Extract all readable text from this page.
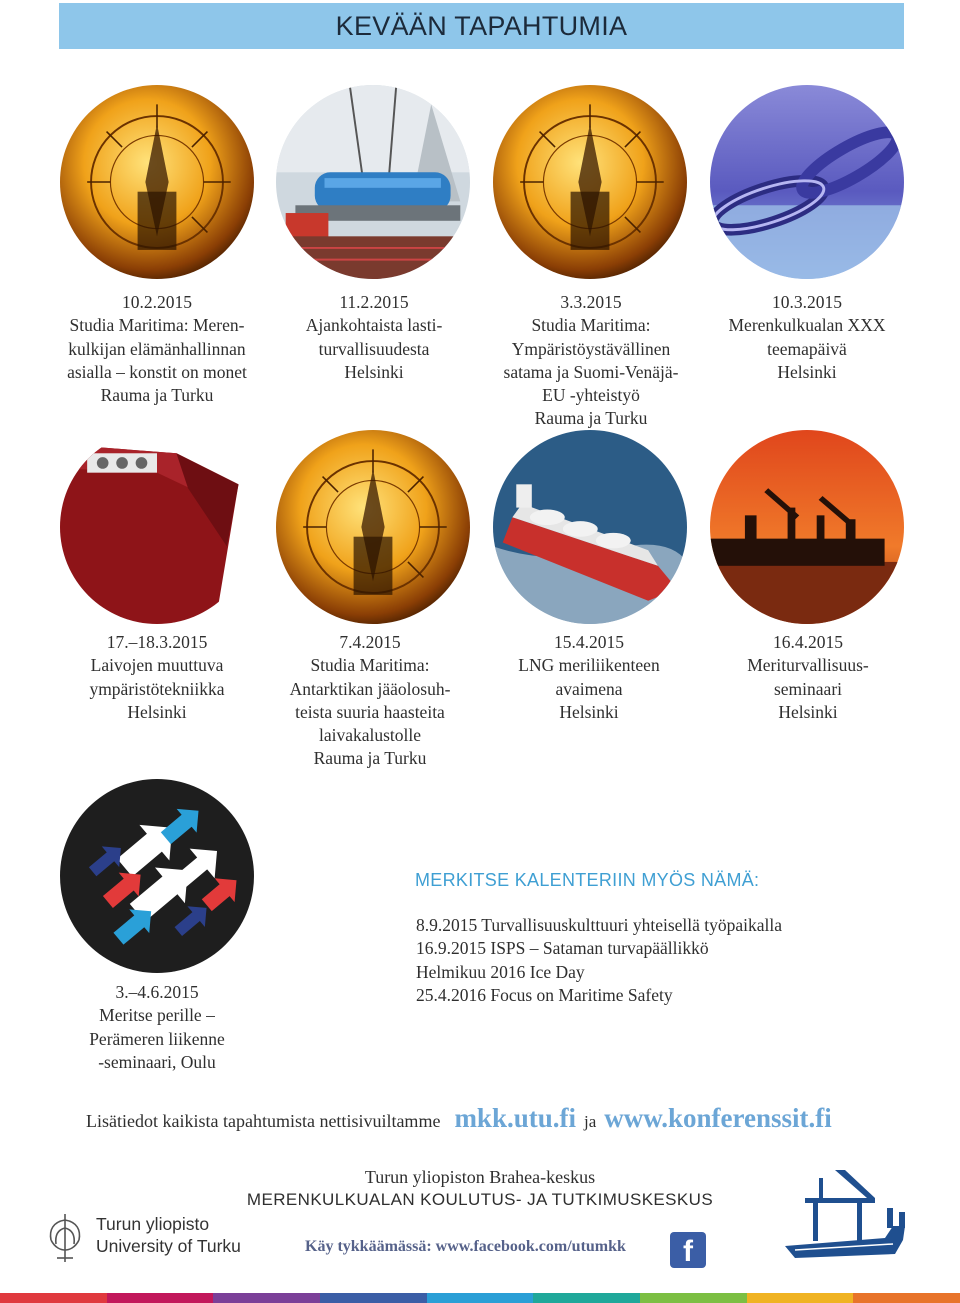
KEVÄÄN TAPAHTUMIA
10.2.2015
Studia Maritima: Meren-
kulkijan elämänhallinnan
asialla – konstit on monet
Rauma ja Turku
11.2.2015
Ajankohtaista lasti-
turvallisuudesta
Helsinki
3.3.2015
Studia Maritima:
Ympäristöystävällinen
satama ja Suomi-Venäjä-
EU -yhteistyö
Rauma ja Turku
10.3.2015
Merenkulkualan XXX
teemapäivä
Helsinki
17.–18.3.2015
Laivojen muuttuva
ympäristötekniikka
Helsinki
7.4.2015
Studia Maritima:
Antarktikan jääolosuh-
teista suuria haasteita
laivakalustolle
Rauma ja Turku
15.4.2015
LNG meriliikenteen
avaimena
Helsinki
16.4.2015
Meriturvallisuus-
seminaari
Helsinki
3.–4.6.2015
Meritse perille –
Perämeren liikenne
-seminaari, Oulu
MERKITSE KALENTERIIN MYÖS NÄMÄ:
8.9.2015 Turvallisuuskulttuuri yhteisellä työpaikalla
16.9.2015 ISPS – Sataman turvapäällikkö
Helmikuu 2016 Ice Day
25.4.2016 Focus on Maritime Safety
Lisätiedot kaikista tapahtumista nettisivuiltamme mkk.utu.fi ja www.konferenssit.fi
Turun yliopiston Brahea-keskus
MERENKULKUALAN KOULUTUS- JA TUTKIMUSKESKUS
Turun yliopisto
University of Turku	Käy tykkäämässä: www.facebook.com/utumkk	f
